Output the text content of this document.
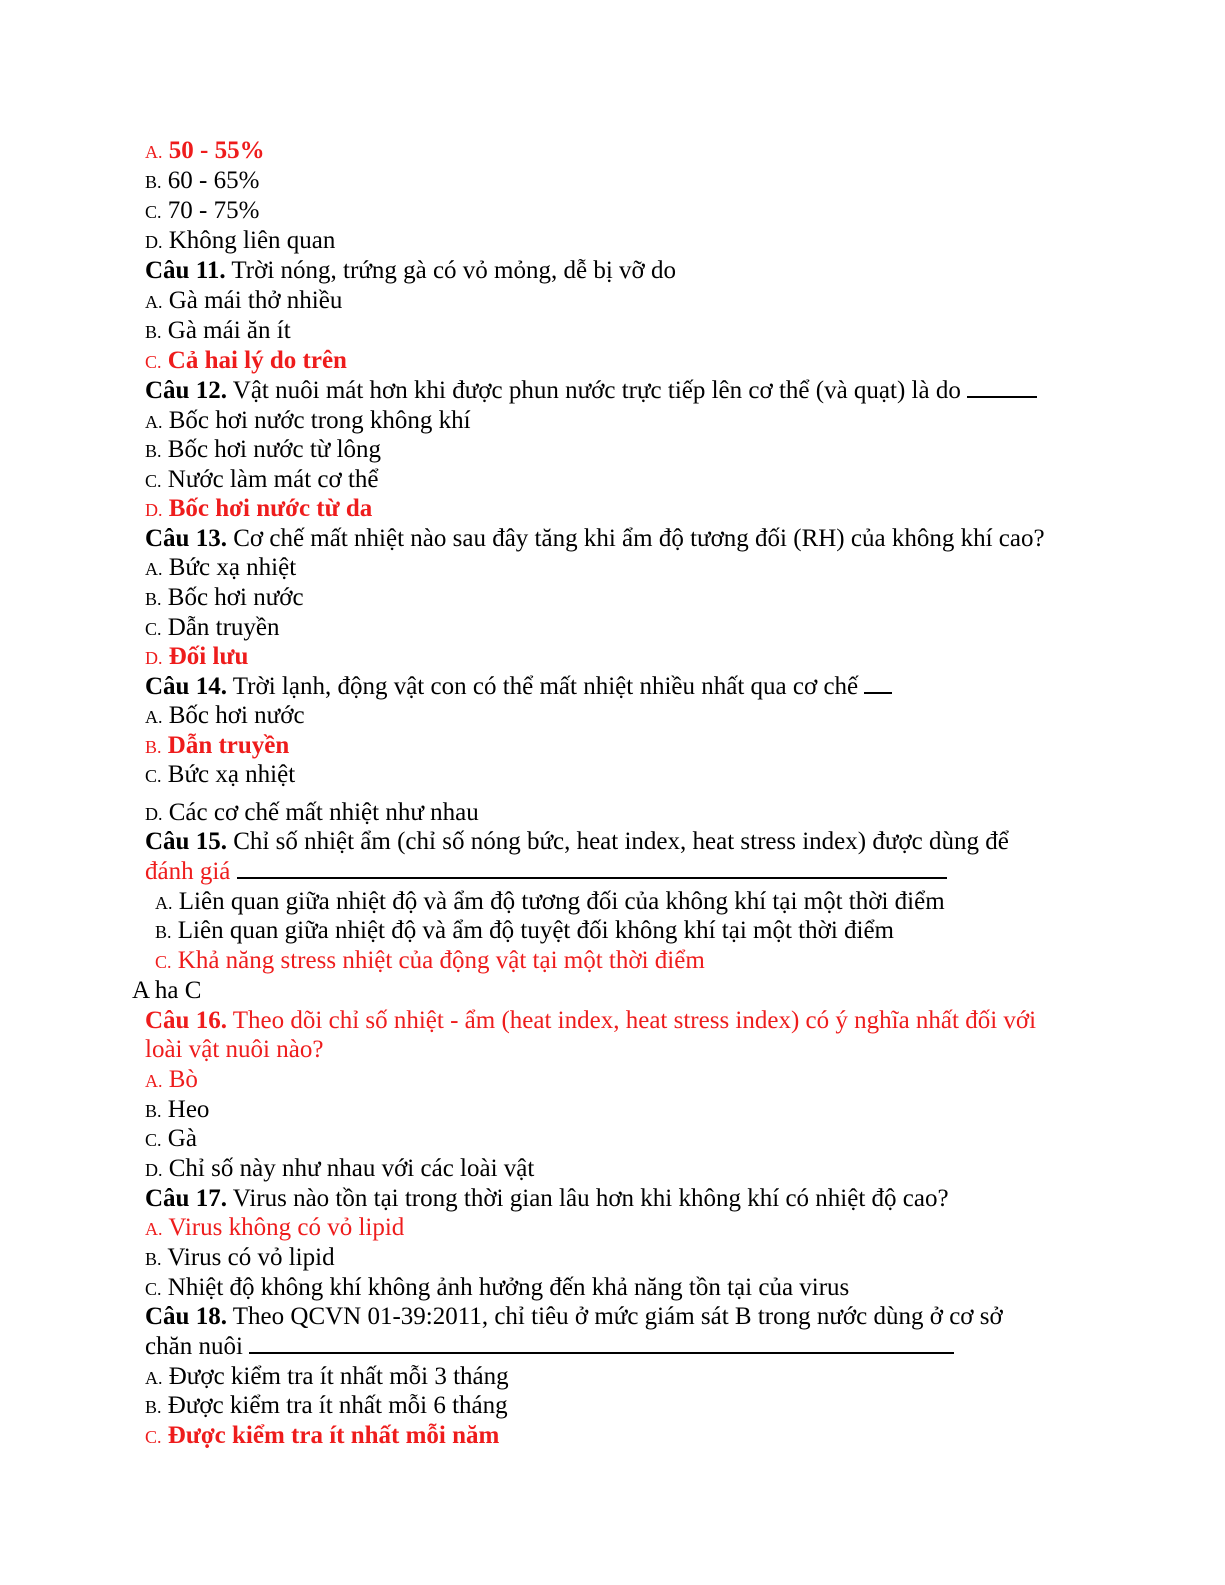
A. 50 - 55%
B. 60 - 65%
C. 70 - 75%
D. Không liên quan
Câu 11. Trời nóng, trứng gà có vỏ mỏng, dễ bị vỡ do
A. Gà mái thở nhiều
B. Gà mái ăn ít
C. Cả hai lý do trên
Câu 12. Vật nuôi mát hơn khi được phun nước trực tiếp lên cơ thể (và quạt) là do
A. Bốc hơi nước trong không khí
B. Bốc hơi nước từ lông
C. Nước làm mát cơ thể
D. Bốc hơi nước từ da
Câu 13. Cơ chế mất nhiệt nào sau đây tăng khi ẩm độ tương đối (RH) của không khí cao?
A. Bức xạ nhiệt
B. Bốc hơi nước
C. Dẫn truyền
D. Đối lưu
Câu 14. Trời lạnh, động vật con có thể mất nhiệt nhiều nhất qua cơ chế
A. Bốc hơi nước
B. Dẫn truyền
C. Bức xạ nhiệt
D. Các cơ chế mất nhiệt như nhau
Câu 15. Chỉ số nhiệt ẩm (chỉ số nóng bức, heat index, heat stress index) được dùng để
đánh giá
A. Liên quan giữa nhiệt độ và ẩm độ tương đối của không khí tại một thời điểm
B. Liên quan giữa nhiệt độ và ẩm độ tuyệt đối không khí tại một thời điểm
C. Khả năng stress nhiệt của động vật tại một thời điểm
A ha C
Câu 16. Theo dõi chỉ số nhiệt - ẩm (heat index, heat stress index) có ý nghĩa nhất đối với
loài vật nuôi nào?
A. Bò
B. Heo
C. Gà
D. Chỉ số này như nhau với các loài vật
Câu 17. Virus nào tồn tại trong thời gian lâu hơn khi không khí có nhiệt độ cao?
A. Virus không có vỏ lipid
B. Virus có vỏ lipid
C. Nhiệt độ không khí không ảnh hưởng đến khả năng tồn tại của virus
Câu 18. Theo QCVN 01-39:2011, chỉ tiêu ở mức giám sát B trong nước dùng ở cơ sở
chăn nuôi
A. Được kiểm tra ít nhất mỗi 3 tháng
B. Được kiểm tra ít nhất mỗi 6 tháng
C. Được kiểm tra ít nhất mỗi năm
